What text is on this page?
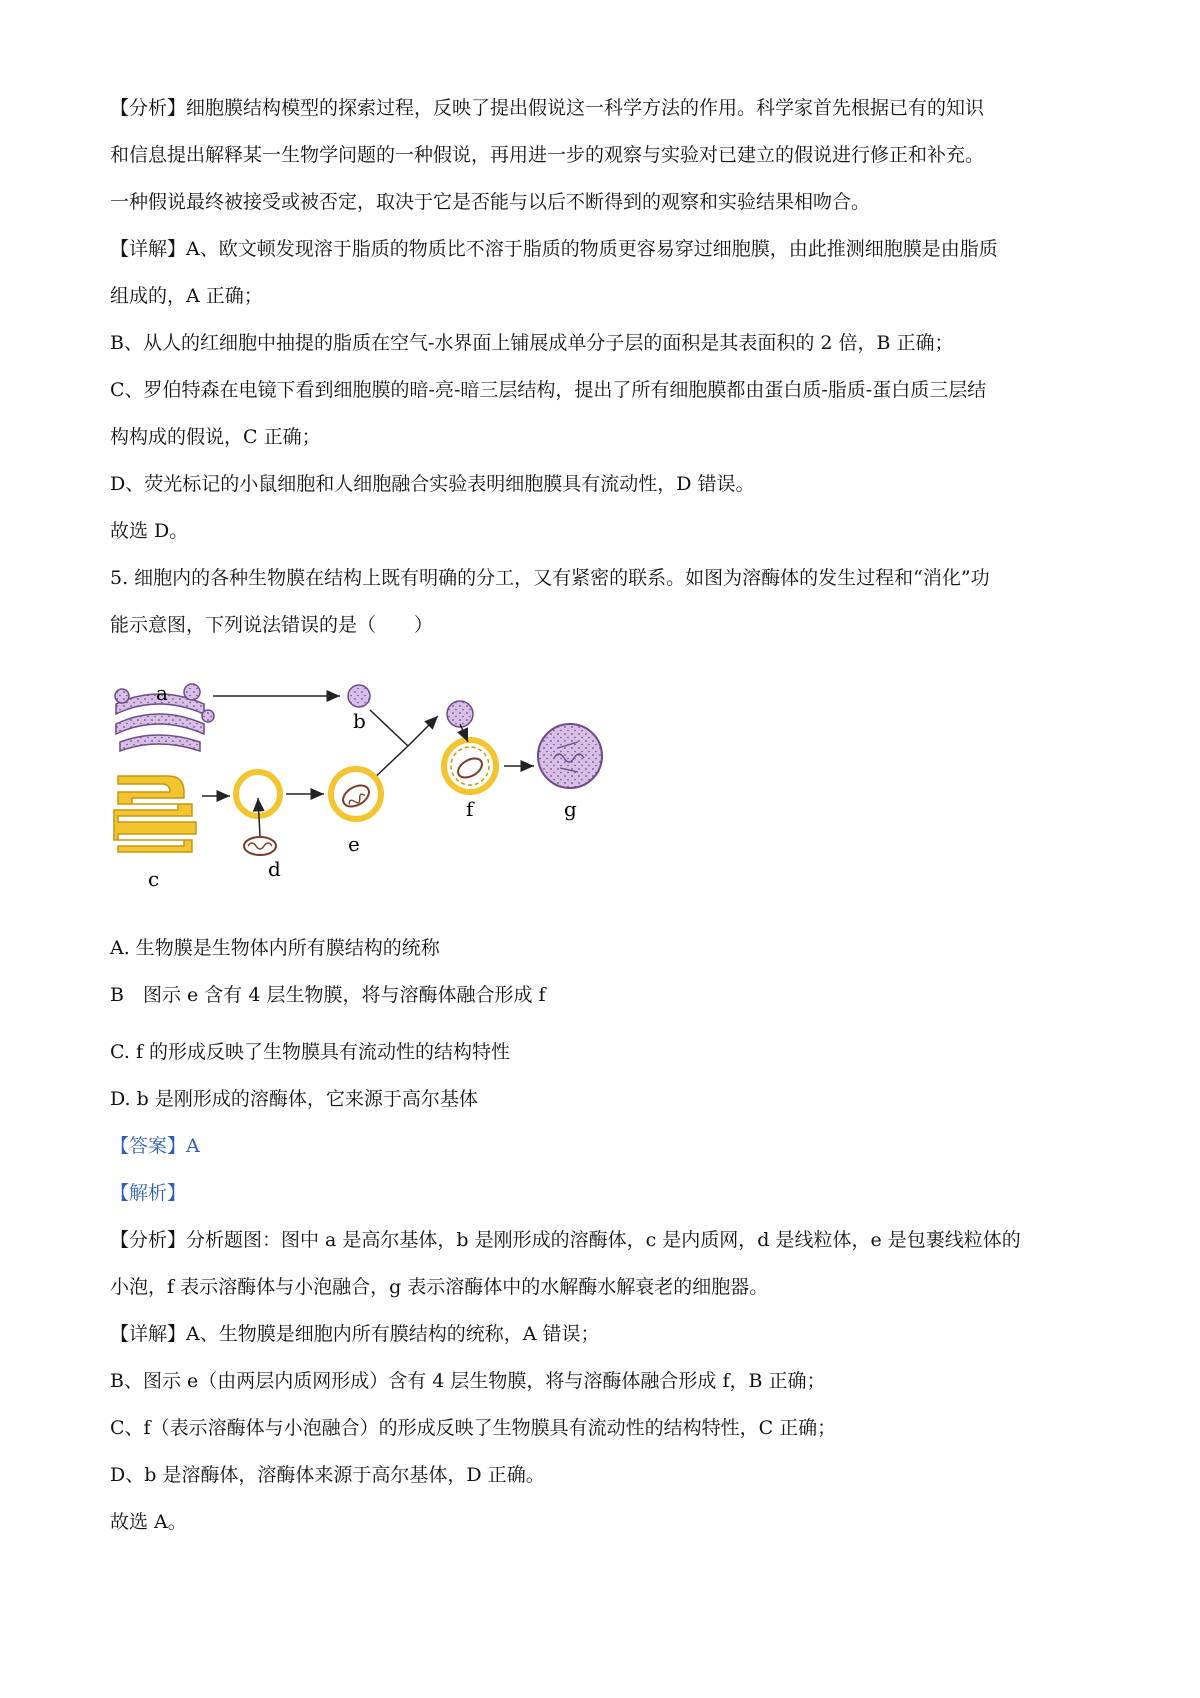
【分析】细胞膜结构模型的探索过程，反映了提出假说这一科学方法的作用。科学家首先根据已有的知识
和信息提出解释某一生物学问题的一种假说，再用进一步的观察与实验对已建立的假说进行修正和补充。
一种假说最终被接受或被否定，取决于它是否能与以后不断得到的观察和实验结果相吻合。
【详解】A、欧文顿发现溶于脂质的物质比不溶于脂质的物质更容易穿过细胞膜，由此推测细胞膜是由脂质
组成的，A 正确；
B、从人的红细胞中抽提的脂质在空气-水界面上铺展成单分子层的面积是其表面积的 2 倍，B 正确；
C、罗伯特森在电镜下看到细胞膜的暗-亮-暗三层结构，提出了所有细胞膜都由蛋白质-脂质-蛋白质三层结
构构成的假说，C 正确；
D、荧光标记的小鼠细胞和人细胞融合实验表明细胞膜具有流动性，D 错误。
故选 D。
5. 细胞内的各种生物膜在结构上既有明确的分工，又有紧密的联系。如图为溶酶体的发生过程和“消化”功
能示意图，下列说法错误的是（　　）
a
b
c	d
e
f	g
A. 生物膜是生物体内所有膜结构的统称
B　图示 e 含有 4 层生物膜，将与溶酶体融合形成 f
C. f 的形成反映了生物膜具有流动性的结构特性
D. b 是刚形成的溶酶体，它来源于高尔基体
【答案】A
【解析】
【分析】分析题图：图中 a 是高尔基体，b 是刚形成的溶酶体，c 是内质网，d 是线粒体，e 是包裹线粒体的
小泡，f 表示溶酶体与小泡融合，g 表示溶酶体中的水解酶水解衰老的细胞器。
【详解】A、生物膜是细胞内所有膜结构的统称，A 错误；
B、图示 e（由两层内质网形成）含有 4 层生物膜，将与溶酶体融合形成 f，B 正确；
C、f（表示溶酶体与小泡融合）的形成反映了生物膜具有流动性的结构特性，C 正确；
D、b 是溶酶体，溶酶体来源于高尔基体，D 正确。
故选 A。
